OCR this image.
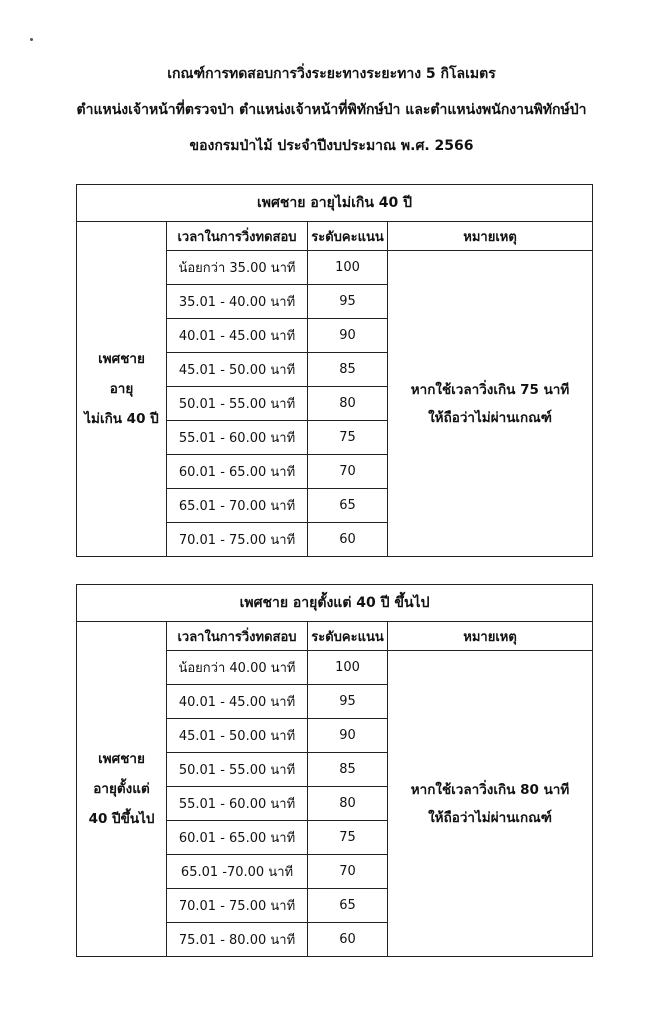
เกณฑ์การทดสอบการวิ่งระยะทางระยะทาง 5 กิโลเมตร
ตำแหน่งเจ้าหน้าที่ตรวจป่า ตำแหน่งเจ้าหน้าที่พิทักษ์ป่า และตำแหน่งพนักงานพิทักษ์ป่า
ของกรมป่าไม้ ประจำปีงบประมาณ พ.ศ. 2566
เพศชาย อายุไม่เกิน 40 ปี			

เพศชาย
อายุ
ไม่เกิน 40 ปี	เวลาในการวิ่งทดสอบ	ระดับคะแนน	หมายเหตุ
	น้อยกว่า 35.00 นาที	100	หากใช้เวลาวิ่งเกิน 75 นาที
ให้ถือว่าไม่ผ่านเกณฑ์

	35.01 - 40.00 นาที	95	
	40.01 - 45.00 นาที	90	
	45.01 - 50.00 นาที	85	
	50.01 - 55.00 นาที	80	
	55.01 - 60.00 นาที	75	
	60.01 - 65.00 นาที	70	
	65.01 - 70.00 นาที	65	
	70.01 - 75.00 นาที	60	
เพศชาย อายุตั้งแต่ 40 ปี ขึ้นไป			

เพศชาย
อายุตั้งแต่
40 ปีขึ้นไป	เวลาในการวิ่งทดสอบ	ระดับคะแนน	หมายเหตุ
	น้อยกว่า 40.00 นาที	100	หากใช้เวลาวิ่งเกิน 80 นาที
ให้ถือว่าไม่ผ่านเกณฑ์

	40.01 - 45.00 นาที	95	
	45.01 - 50.00 นาที	90	
	50.01 - 55.00 นาที	85	
	55.01 - 60.00 นาที	80	
	60.01 - 65.00 นาที	75	
	65.01 -70.00 นาที	70	
	70.01 - 75.00 นาที	65	
	75.01 - 80.00 นาที	60	
